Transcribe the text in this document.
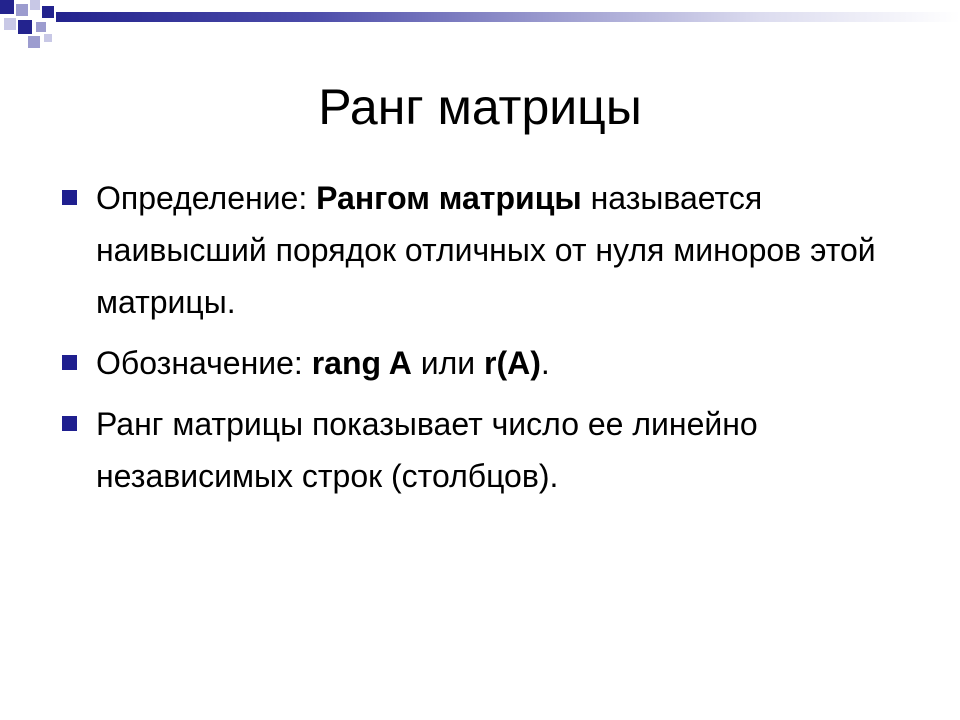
Ранг матрицы
Определение: Рангом матрицы называется наивысший порядок отличных от нуля миноров этой матрицы.
Обозначение: rang A или r(A).
Ранг матрицы показывает число ее линейно независимых строк (столбцов).
